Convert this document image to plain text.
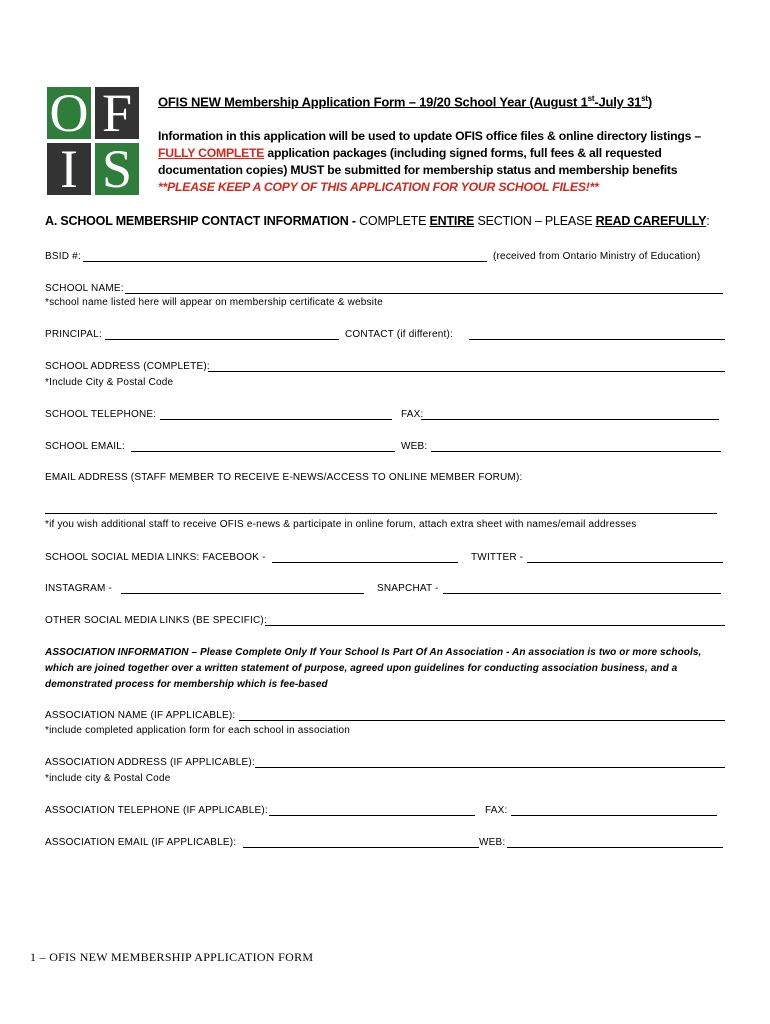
O F
I S
OFIS NEW Membership Application Form – 19/20 School Year (August 1st-July 31st)
Information in this application will be used to update OFIS office files & online directory listings –
FULLY COMPLETE application packages (including signed forms, full fees & all requested documentation copies) MUST be submitted for membership status and membership benefits
**PLEASE KEEP A COPY OF THIS APPLICATION FOR YOUR SCHOOL FILES!**
A. SCHOOL MEMBERSHIP CONTACT INFORMATION - COMPLETE ENTIRE SECTION – PLEASE READ CAREFULLY:
BSID #:	(received from Ontario Ministry of Education)
SCHOOL NAME:
*school name listed here will appear on membership certificate & website
PRINCIPAL:	CONTACT (if different):
SCHOOL ADDRESS (COMPLETE):
*Include City & Postal Code
SCHOOL TELEPHONE:	FAX:
SCHOOL EMAIL:	WEB:
EMAIL ADDRESS (STAFF MEMBER TO RECEIVE E-NEWS/ACCESS TO ONLINE MEMBER FORUM):
*if you wish additional staff to receive OFIS e-news & participate in online forum, attach extra sheet with names/email addresses
SCHOOL SOCIAL MEDIA LINKS: FACEBOOK -	TWITTER -
INSTAGRAM -	SNAPCHAT -
OTHER SOCIAL MEDIA LINKS (BE SPECIFIC):
ASSOCIATION INFORMATION – Please Complete Only If Your School Is Part Of An Association - An association is two or more schools, which are joined together over a written statement of purpose, agreed upon guidelines for conducting association business, and a demonstrated process for membership which is fee-based
ASSOCIATION NAME (IF APPLICABLE):
*include completed application form for each school in association
ASSOCIATION ADDRESS (IF APPLICABLE):
*include city & Postal Code
ASSOCIATION TELEPHONE (IF APPLICABLE):	FAX:
ASSOCIATION EMAIL (IF APPLICABLE):	WEB:
1 – OFIS NEW MEMBERSHIP APPLICATION FORM
